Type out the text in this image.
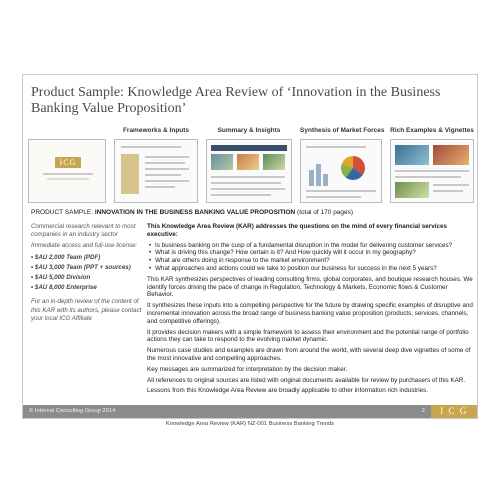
Product Sample: Knowledge Area Review of ‘Innovation in the Business Banking Value Proposition’
ICG
Frameworks & Inputs	Summary & Insights	Synthesis of Market Forces Rich Examples & Vignettes
PRODUCT SAMPLE: INNOVATION IN THE BUSINESS BANKING VALUE PROPOSITION (total of 170 pages)
Commercial research relevant to most companies in an industry sector
Immediate access and full-use license:
• $AU 2,000 Team (PDF)
• $AU 3,000 Team (PPT + sources)
• $AU 5,000 Division
• $AU 8,000 Enterprise
For an in-depth review of the content of this KAR with its authors, please contact your local ICG Affiliate
This Knowledge Area Review (KAR) addresses the questions on the mind of every financial services executive:
• Is business banking on the cusp of a fundamental disruption in the model for delivering customer services?
• What is driving this change? How certain is it? And How quickly will it occur in my geography?
• What are others doing in response to the market environment?
• What approaches and actions could we take to position our business for success in the next 5 years?

This KAR synthesizes perspectives of leading consulting firms, global corporates, and boutique research houses. We identify forces driving the pace of change in Regulation, Technology & Markets, Economic flows & Customer Behavior.

It synthesizes these inputs into a compelling perspective for the future by drawing specific examples of disruptive and incremental innovation across the broad range of business banking value proposition (products, services, channels, and competitive offerings).

It provides decision makers with a simple framework to assess their environment and the potential range of portfolio actions they can take to respond to the evolving market dynamic.

Numerous case studies and examples are drawn from around the world, with several deep dive vignettes of some of the most innovative and compelling approaches.

Key messages are summarized for interpretation by the decision maker.

All references to original sources are listed with original documents available for review by purchasers of this KAR.

Lessons from this Knowledge Area Review are broadly applicable to other information rich industries.

© Internal Consulting Group 2014	2	I C G
Knowledge Area Review (KAR) NZ-001 Business Banking Trends
